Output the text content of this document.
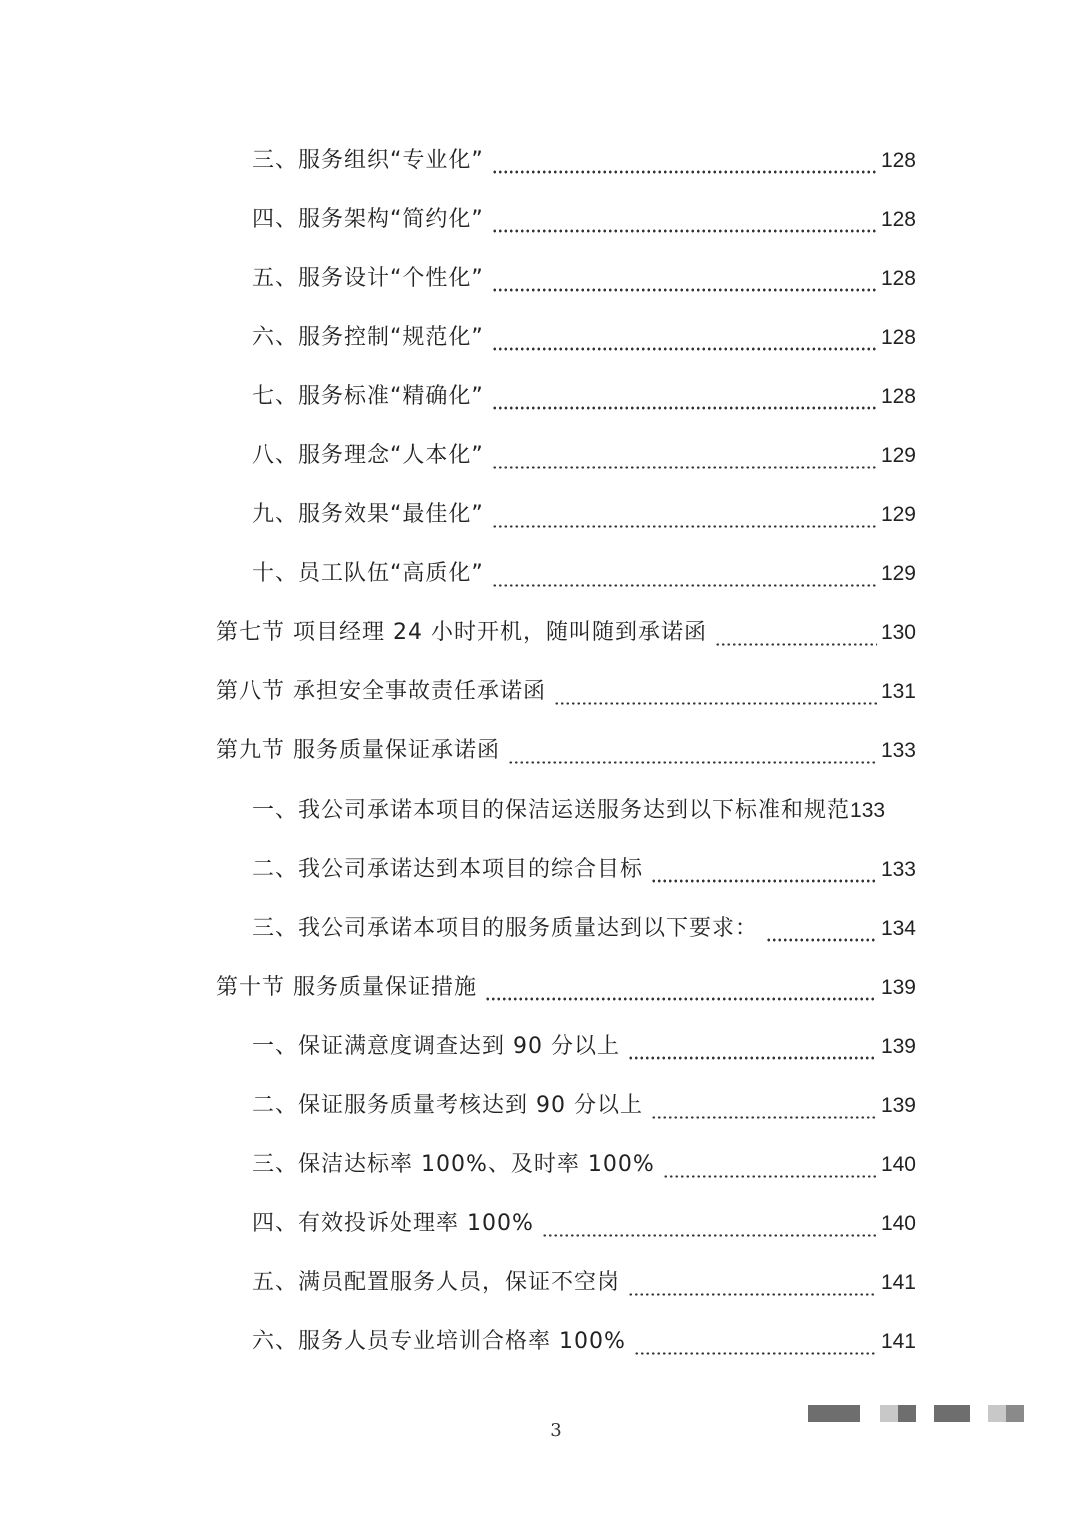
三、服务组织“专业化”	128
四、服务架构“简约化”	128
五、服务设计“个性化”	128
六、服务控制“规范化”	128
七、服务标准“精确化”	128
八、服务理念“人本化”	129
九、服务效果“最佳化”	129
十、员工队伍“高质化”	129
第七节 项目经理 24 小时开机，随叫随到承诺函	130
第八节 承担安全事故责任承诺函	131
第九节 服务质量保证承诺函	133
一、我公司承诺本项目的保洁运送服务达到以下标准和规范 133
二、我公司承诺达到本项目的综合目标	133
三、我公司承诺本项目的服务质量达到以下要求：	134
第十节 服务质量保证措施	139
一、保证满意度调查达到 90 分以上	139
二、保证服务质量考核达到 90 分以上	139
三、保洁达标率 100%、及时率 100%	140
四、有效投诉处理率 100%	140
五、满员配置服务人员，保证不空岗	141
六、服务人员专业培训合格率 100%	141
3
